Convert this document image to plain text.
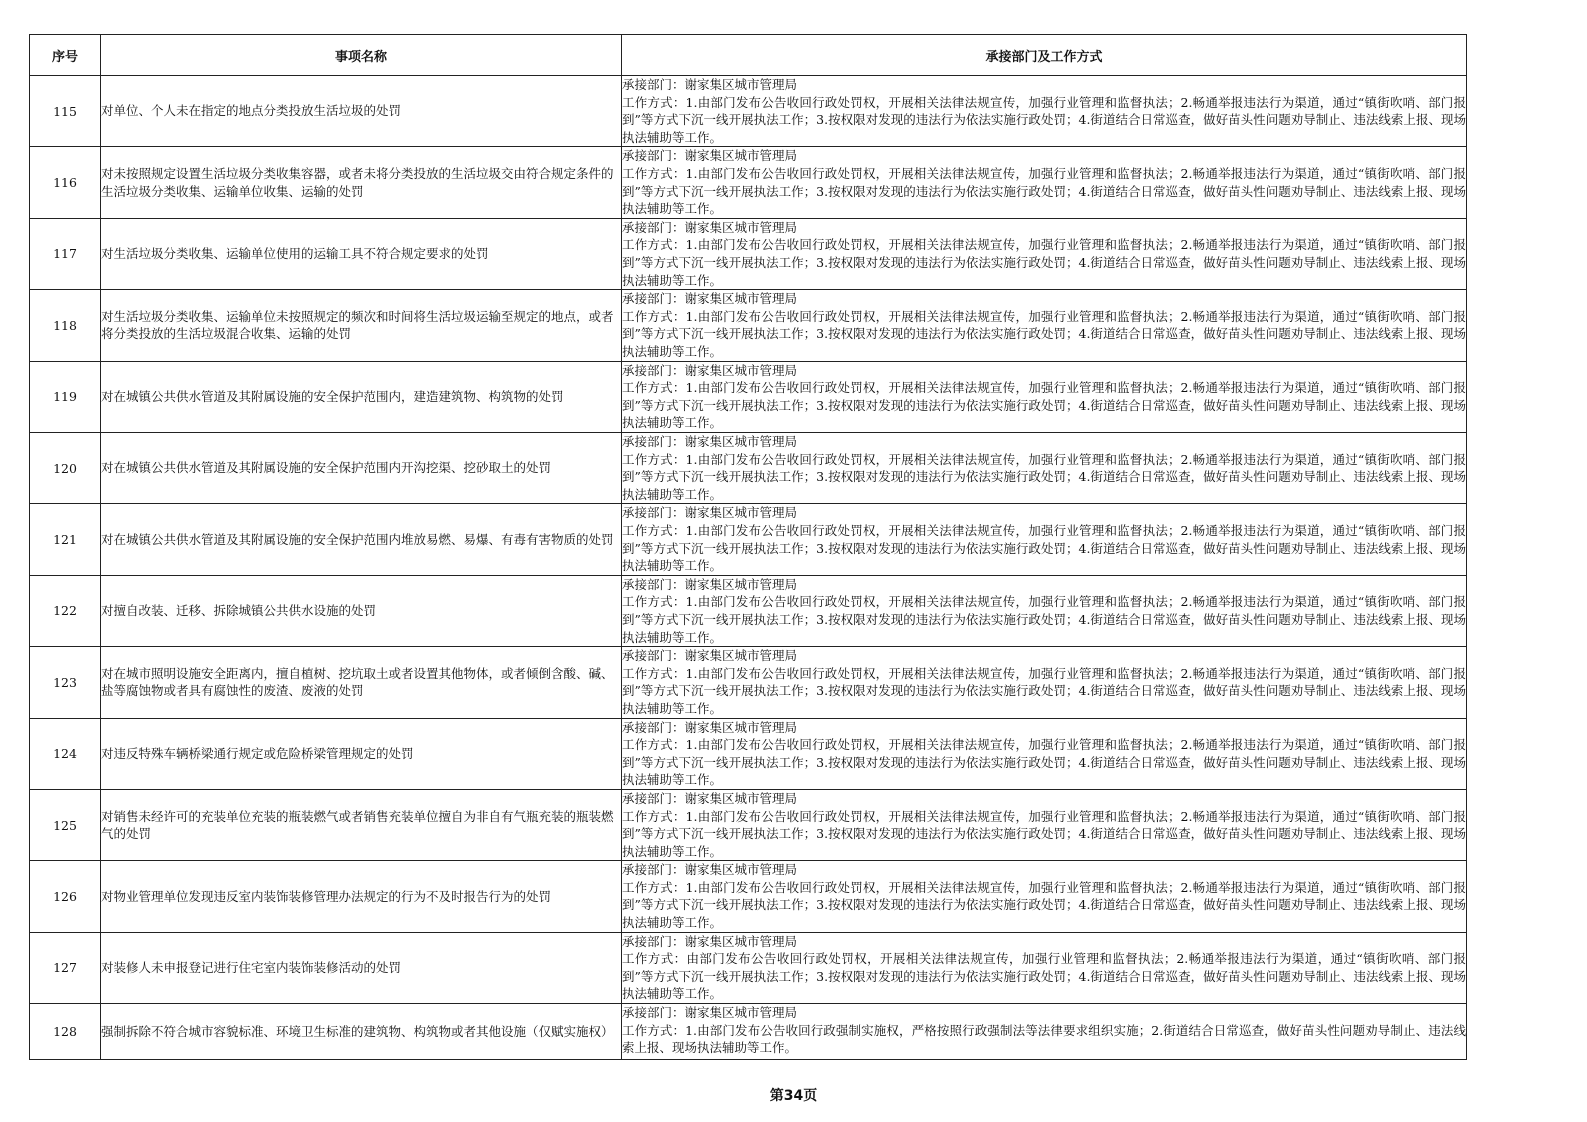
序号	事项名称	承接部门及工作方式
115	对单位、个人未在指定的地点分类投放生活垃圾的处罚	承接部门：谢家集区城市管理局
工作方式：1.由部门发布公告收回行政处罚权，开展相关法律法规宣传，加强行业管理和监督执法；2.畅通举报违法行为渠道，通过“镇街吹哨、部门报到”等方式下沉一线开展执法工作；3.按权限对发现的违法行为依法实施行政处罚；4.街道结合日常巡查，做好苗头性问题劝导制止、违法线索上报、现场执法辅助等工作。

116	对未按照规定设置生活垃圾分类收集容器，或者未将分类投放的生活垃圾交由符合规定条件的生活垃圾分类收集、运输单位收集、运输的处罚	承接部门：谢家集区城市管理局
工作方式：1.由部门发布公告收回行政处罚权，开展相关法律法规宣传，加强行业管理和监督执法；2.畅通举报违法行为渠道，通过“镇街吹哨、部门报到”等方式下沉一线开展执法工作；3.按权限对发现的违法行为依法实施行政处罚；4.街道结合日常巡查，做好苗头性问题劝导制止、违法线索上报、现场执法辅助等工作。

117	对生活垃圾分类收集、运输单位使用的运输工具不符合规定要求的处罚	承接部门：谢家集区城市管理局
工作方式：1.由部门发布公告收回行政处罚权，开展相关法律法规宣传，加强行业管理和监督执法；2.畅通举报违法行为渠道，通过“镇街吹哨、部门报到”等方式下沉一线开展执法工作；3.按权限对发现的违法行为依法实施行政处罚；4.街道结合日常巡查，做好苗头性问题劝导制止、违法线索上报、现场执法辅助等工作。

118	对生活垃圾分类收集、运输单位未按照规定的频次和时间将生活垃圾运输至规定的地点，或者将分类投放的生活垃圾混合收集、运输的处罚	承接部门：谢家集区城市管理局
工作方式：1.由部门发布公告收回行政处罚权，开展相关法律法规宣传，加强行业管理和监督执法；2.畅通举报违法行为渠道，通过“镇街吹哨、部门报到”等方式下沉一线开展执法工作；3.按权限对发现的违法行为依法实施行政处罚；4.街道结合日常巡查，做好苗头性问题劝导制止、违法线索上报、现场执法辅助等工作。

119	对在城镇公共供水管道及其附属设施的安全保护范围内，建造建筑物、构筑物的处罚	承接部门：谢家集区城市管理局
工作方式：1.由部门发布公告收回行政处罚权，开展相关法律法规宣传，加强行业管理和监督执法；2.畅通举报违法行为渠道，通过“镇街吹哨、部门报到”等方式下沉一线开展执法工作；3.按权限对发现的违法行为依法实施行政处罚；4.街道结合日常巡查，做好苗头性问题劝导制止、违法线索上报、现场执法辅助等工作。

120	对在城镇公共供水管道及其附属设施的安全保护范围内开沟挖渠、挖砂取土的处罚	承接部门：谢家集区城市管理局
工作方式：1.由部门发布公告收回行政处罚权，开展相关法律法规宣传，加强行业管理和监督执法；2.畅通举报违法行为渠道，通过“镇街吹哨、部门报到”等方式下沉一线开展执法工作；3.按权限对发现的违法行为依法实施行政处罚；4.街道结合日常巡查，做好苗头性问题劝导制止、违法线索上报、现场执法辅助等工作。

121	对在城镇公共供水管道及其附属设施的安全保护范围内堆放易燃、易爆、有毒有害物质的处罚	承接部门：谢家集区城市管理局
工作方式：1.由部门发布公告收回行政处罚权，开展相关法律法规宣传，加强行业管理和监督执法；2.畅通举报违法行为渠道，通过“镇街吹哨、部门报到”等方式下沉一线开展执法工作；3.按权限对发现的违法行为依法实施行政处罚；4.街道结合日常巡查，做好苗头性问题劝导制止、违法线索上报、现场执法辅助等工作。

122	对擅自改装、迁移、拆除城镇公共供水设施的处罚	承接部门：谢家集区城市管理局
工作方式：1.由部门发布公告收回行政处罚权，开展相关法律法规宣传，加强行业管理和监督执法；2.畅通举报违法行为渠道，通过“镇街吹哨、部门报到”等方式下沉一线开展执法工作；3.按权限对发现的违法行为依法实施行政处罚；4.街道结合日常巡查，做好苗头性问题劝导制止、违法线索上报、现场执法辅助等工作。

123	对在城市照明设施安全距离内，擅自植树、挖坑取土或者设置其他物体，或者倾倒含酸、碱、盐等腐蚀物或者具有腐蚀性的废渣、废液的处罚	承接部门：谢家集区城市管理局
工作方式：1.由部门发布公告收回行政处罚权，开展相关法律法规宣传，加强行业管理和监督执法；2.畅通举报违法行为渠道，通过“镇街吹哨、部门报到”等方式下沉一线开展执法工作；3.按权限对发现的违法行为依法实施行政处罚；4.街道结合日常巡查，做好苗头性问题劝导制止、违法线索上报、现场执法辅助等工作。

124	对违反特殊车辆桥梁通行规定或危险桥梁管理规定的处罚	承接部门：谢家集区城市管理局
工作方式：1.由部门发布公告收回行政处罚权，开展相关法律法规宣传，加强行业管理和监督执法；2.畅通举报违法行为渠道，通过“镇街吹哨、部门报到”等方式下沉一线开展执法工作；3.按权限对发现的违法行为依法实施行政处罚；4.街道结合日常巡查，做好苗头性问题劝导制止、违法线索上报、现场执法辅助等工作。

125	对销售未经许可的充装单位充装的瓶装燃气或者销售充装单位擅自为非自有气瓶充装的瓶装燃气的处罚	承接部门：谢家集区城市管理局
工作方式：1.由部门发布公告收回行政处罚权，开展相关法律法规宣传，加强行业管理和监督执法；2.畅通举报违法行为渠道，通过“镇街吹哨、部门报到”等方式下沉一线开展执法工作；3.按权限对发现的违法行为依法实施行政处罚；4.街道结合日常巡查，做好苗头性问题劝导制止、违法线索上报、现场执法辅助等工作。

126	对物业管理单位发现违反室内装饰装修管理办法规定的行为不及时报告行为的处罚	承接部门：谢家集区城市管理局
工作方式：1.由部门发布公告收回行政处罚权，开展相关法律法规宣传，加强行业管理和监督执法；2.畅通举报违法行为渠道，通过“镇街吹哨、部门报到”等方式下沉一线开展执法工作；3.按权限对发现的违法行为依法实施行政处罚；4.街道结合日常巡查，做好苗头性问题劝导制止、违法线索上报、现场执法辅助等工作。

127	对装修人未申报登记进行住宅室内装饰装修活动的处罚	承接部门：谢家集区城市管理局
工作方式：由部门发布公告收回行政处罚权，开展相关法律法规宣传，加强行业管理和监督执法；2.畅通举报违法行为渠道，通过“镇街吹哨、部门报到”等方式下沉一线开展执法工作；3.按权限对发现的违法行为依法实施行政处罚；4.街道结合日常巡查，做好苗头性问题劝导制止、违法线索上报、现场执法辅助等工作。

128	强制拆除不符合城市容貌标准、环境卫生标准的建筑物、构筑物或者其他设施（仅赋实施权）	承接部门：谢家集区城市管理局
工作方式：1.由部门发布公告收回行政强制实施权，严格按照行政强制法等法律要求组织实施；2.街道结合日常巡查，做好苗头性问题劝导制止、违法线索上报、现场执法辅助等工作。
第34页
